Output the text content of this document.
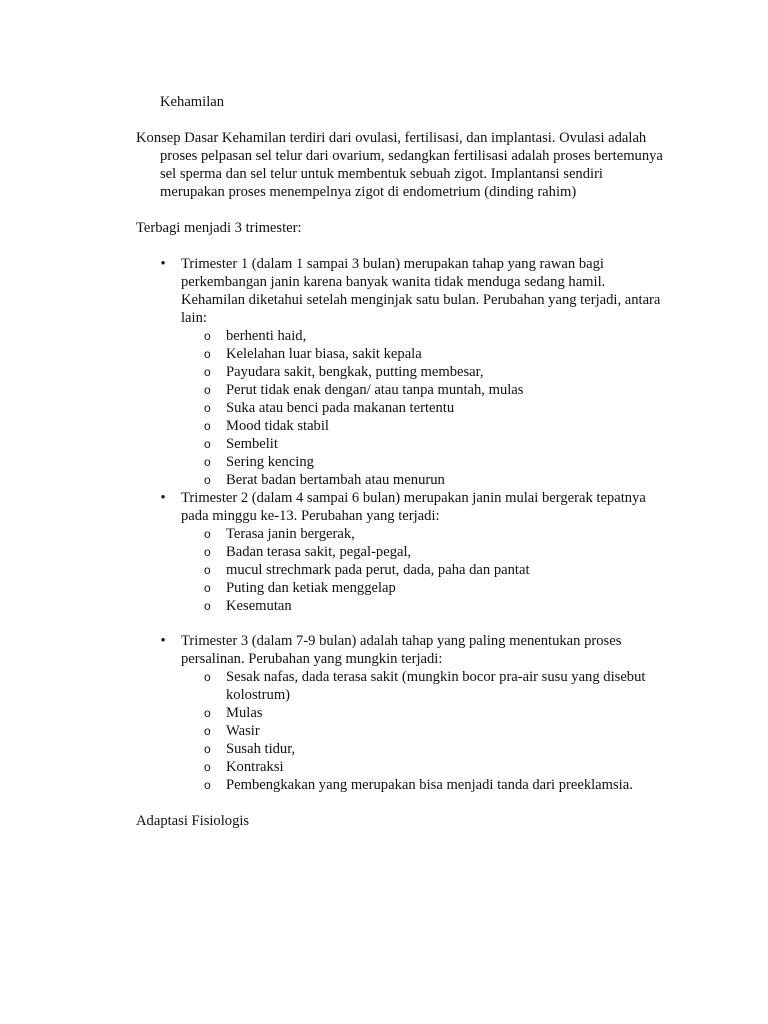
Kehamilan
Konsep Dasar Kehamilan terdiri dari ovulasi, fertilisasi, dan implantasi. Ovulasi adalah
proses pelpasan sel telur dari ovarium, sedangkan fertilisasi adalah proses bertemunya
sel sperma dan sel telur untuk membentuk sebuah zigot. Implantansi sendiri
merupakan proses menempelnya zigot di endometrium (dinding rahim)
Terbagi menjadi 3 trimester:
•	Trimester 1 (dalam 1 sampai 3 bulan) merupakan tahap yang rawan bagi
perkembangan janin karena banyak wanita tidak menduga sedang hamil.
Kehamilan diketahui setelah menginjak satu bulan. Perubahan yang terjadi, antara
lain:
o berhenti haid,
o Kelelahan luar biasa, sakit kepala
o Payudara sakit, bengkak, putting membesar,
o Perut tidak enak dengan/ atau tanpa muntah, mulas
o Suka atau benci pada makanan tertentu
o Mood tidak stabil
o Sembelit
o Sering kencing
o Berat badan bertambah atau menurun
•	Trimester 2 (dalam 4 sampai 6 bulan) merupakan janin mulai bergerak tepatnya
pada minggu ke-13. Perubahan yang terjadi:
o Terasa janin bergerak,
o Badan terasa sakit, pegal-pegal,
o mucul strechmark pada perut, dada, paha dan pantat
o Puting dan ketiak menggelap
o Kesemutan
•	Trimester 3 (dalam 7-9 bulan) adalah tahap yang paling menentukan proses
persalinan. Perubahan yang mungkin terjadi:
o Sesak nafas, dada terasa sakit (mungkin bocor pra-air susu yang disebut
kolostrum)
o Mulas
o Wasir
o Susah tidur,
o Kontraksi
o Pembengkakan yang merupakan bisa menjadi tanda dari preeklamsia.
Adaptasi Fisiologis
